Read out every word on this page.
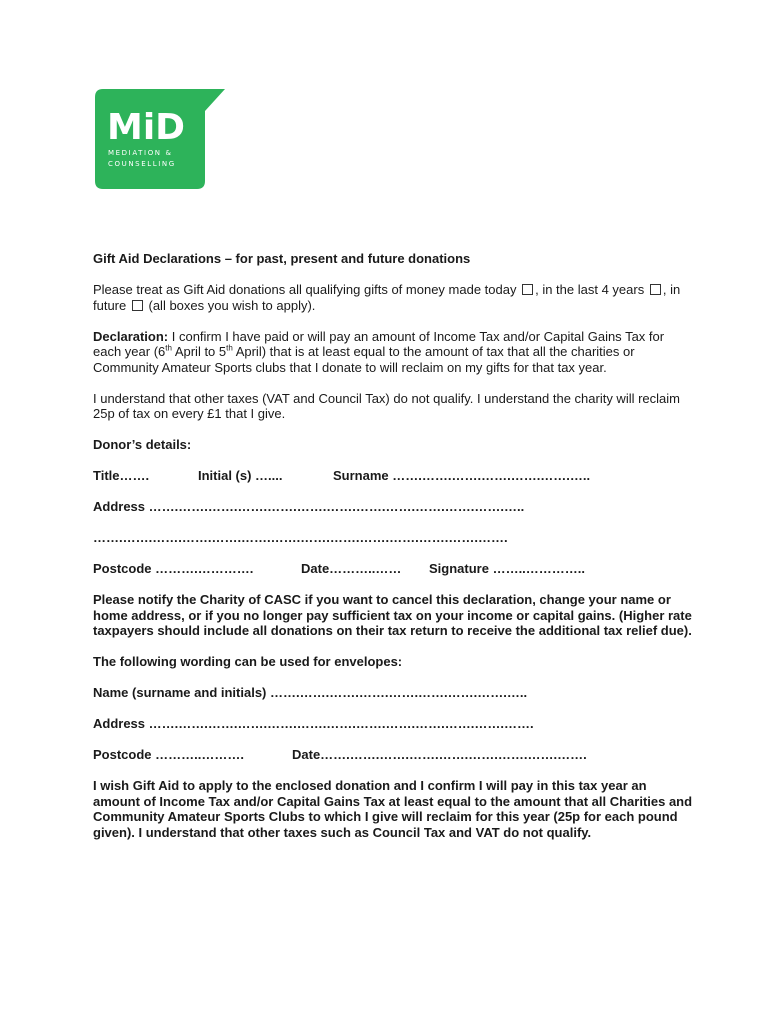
MiD
MEDIATION &
COUNSELLING

Gift Aid Declarations – for past, present and future donations

Please treat as Gift Aid donations all qualifying gifts of money made today , in the last 4 years , in future (all boxes you wish to apply).

Declaration: I confirm I have paid or will pay an amount of Income Tax and/or Capital Gains Tax for each year (6th April to 5th April) that is at least equal to the amount of tax that all the charities or Community Amateur Sports clubs that I donate to will reclaim on my gifts for that tax year.

I understand that other taxes (VAT and Council Tax) do not qualify. I understand the charity will reclaim 25p of tax on every £1 that I give.

Donor’s details:

Title…….	Initial (s) …....	Surname …….…….…….…….…….…….…..

Address …….…….…….…….…….…….…….…….…….…….…….…….…..

…….…….…….…….…….…….…….…….…….…….…….…….…….…….

Postcode ……….………….	Date………..……	Signature ……..…………..

Please notify the Charity of CASC if you want to cancel this declaration, change your name or home address, or if you no longer pay sufficient tax on your income or capital gains. (Higher rate taxpayers should include all donations on their tax return to receive the additional tax relief due).

The following wording can be used for envelopes:

Name (surname and initials) …….…….…….…….…….…….…….…….…..

Address …….…….…….…….…….…….…….…….…….…….…….…….…….

Postcode ………..……….	Date…….…….…….…….…….…….…….…….…….

I wish Gift Aid to apply to the enclosed donation and I confirm I will pay in this tax year an amount of Income Tax and/or Capital Gains Tax at least equal to the amount that all Charities and Community Amateur Sports Clubs to which I give will reclaim for this year (25p for each pound given). I understand that other taxes such as Council Tax and VAT do not qualify.
